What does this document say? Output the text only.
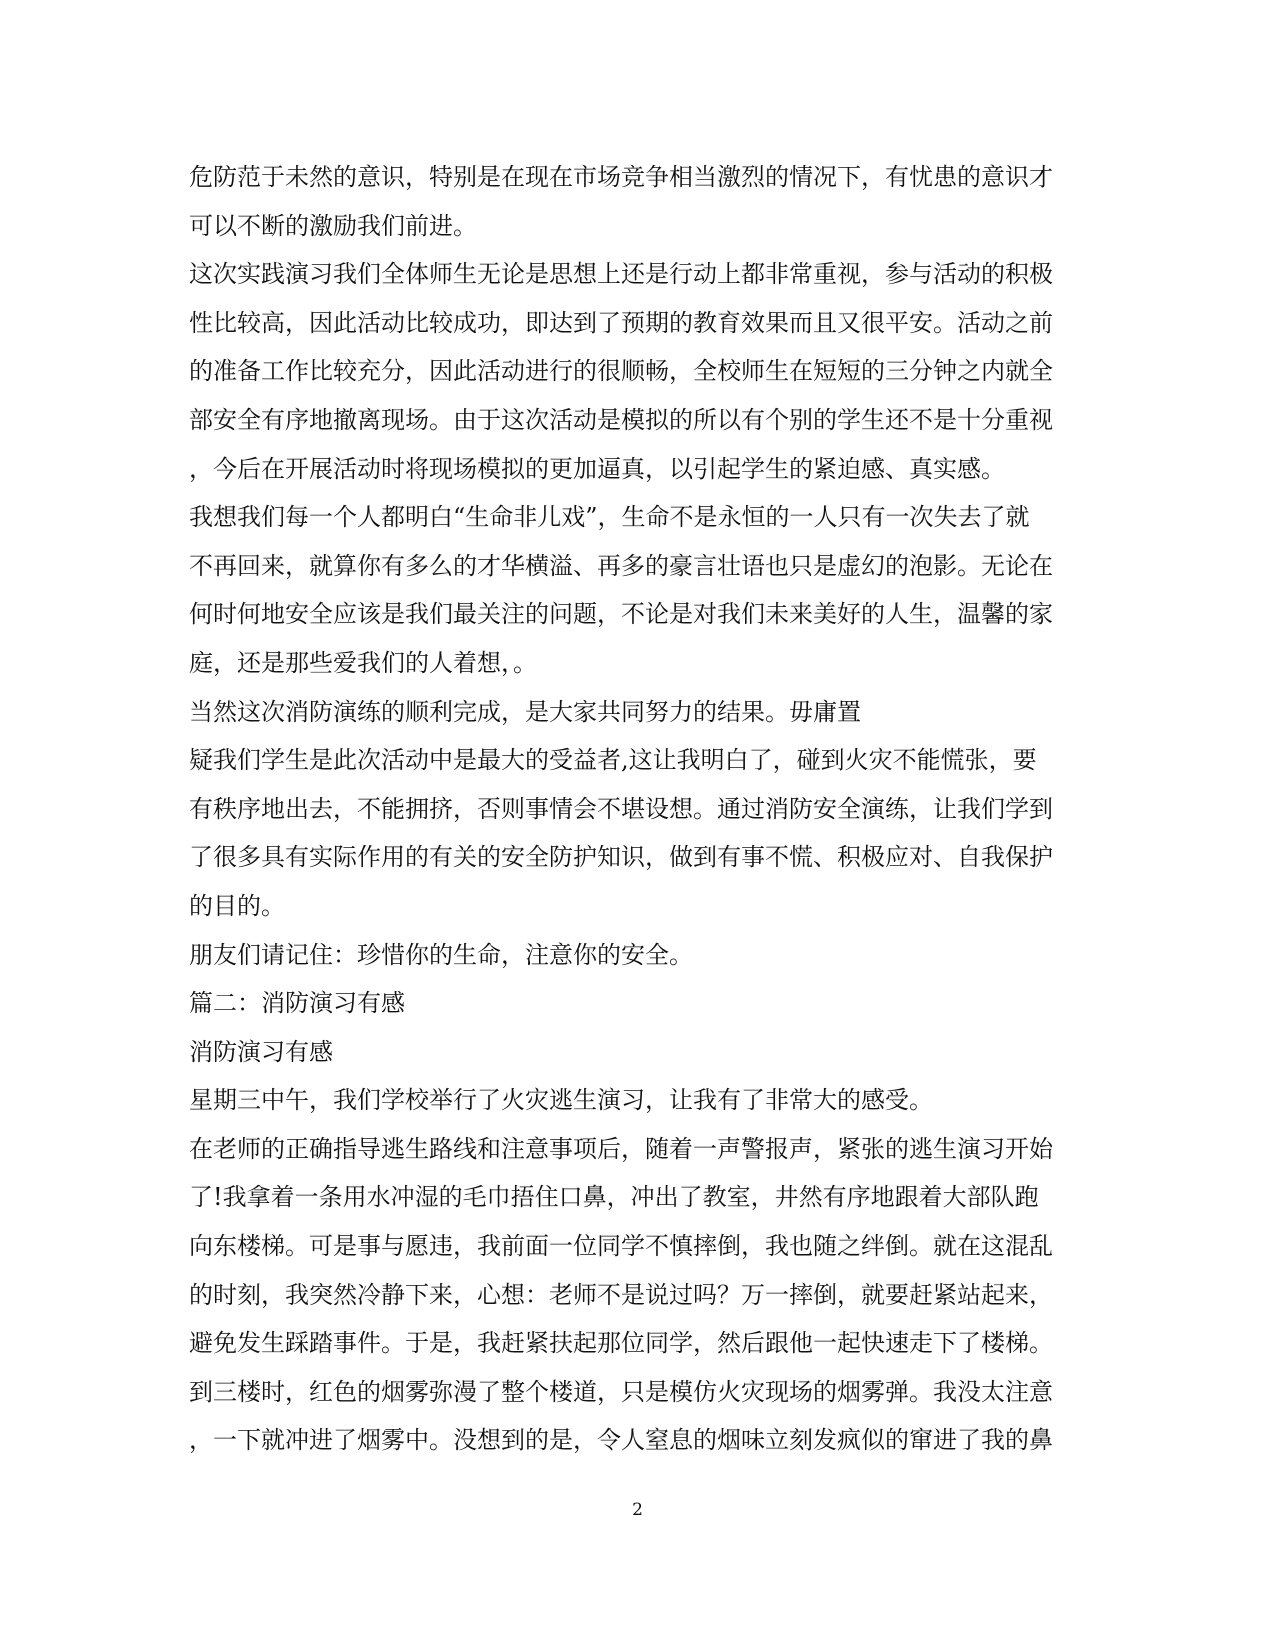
危防范于未然的意识，特别是在现在市场竞争相当激烈的情况下，有忧患的意识才
可以不断的激励我们前进。
这次实践演习我们全体师生无论是思想上还是行动上都非常重视，参与活动的积极
性比较高，因此活动比较成功，即达到了预期的教育效果而且又很平安。活动之前
的准备工作比较充分，因此活动进行的很顺畅，全校师生在短短的三分钟之内就全
部安全有序地撤离现场。由于这次活动是模拟的所以有个别的学生还不是十分重视
，今后在开展活动时将现场模拟的更加逼真，以引起学生的紧迫感、真实感。
我想我们每一个人都明白“生命非儿戏”，生命不是永恒的一人只有一次失去了就
不再回来，就算你有多么的才华横溢、再多的豪言壮语也只是虚幻的泡影。无论在
何时何地安全应该是我们最关注的问题，不论是对我们未来美好的人生，温馨的家
庭，还是那些爱我们的人着想，。
当然这次消防演练的顺利完成，是大家共同努力的结果。毋庸置
疑我们学生是此次活动中是最大的受益者,这让我明白了，碰到火灾不能慌张，要
有秩序地出去，不能拥挤，否则事情会不堪设想。通过消防安全演练，让我们学到
了很多具有实际作用的有关的安全防护知识，做到有事不慌、积极应对、自我保护
的目的。
朋友们请记住：珍惜你的生命，注意你的安全。
篇二：消防演习有感
消防演习有感
星期三中午，我们学校举行了火灾逃生演习，让我有了非常大的感受。
在老师的正确指导逃生路线和注意事项后，随着一声警报声，紧张的逃生演习开始
了!我拿着一条用水冲湿的毛巾捂住口鼻，冲出了教室，井然有序地跟着大部队跑
向东楼梯。可是事与愿违，我前面一位同学不慎摔倒，我也随之绊倒。就在这混乱
的时刻，我突然冷静下来，心想：老师不是说过吗？万一摔倒，就要赶紧站起来，
避免发生踩踏事件。于是，我赶紧扶起那位同学，然后跟他一起快速走下了楼梯。
到三楼时，红色的烟雾弥漫了整个楼道，只是模仿火灾现场的烟雾弹。我没太注意
，一下就冲进了烟雾中。没想到的是，令人窒息的烟味立刻发疯似的窜进了我的鼻
2
